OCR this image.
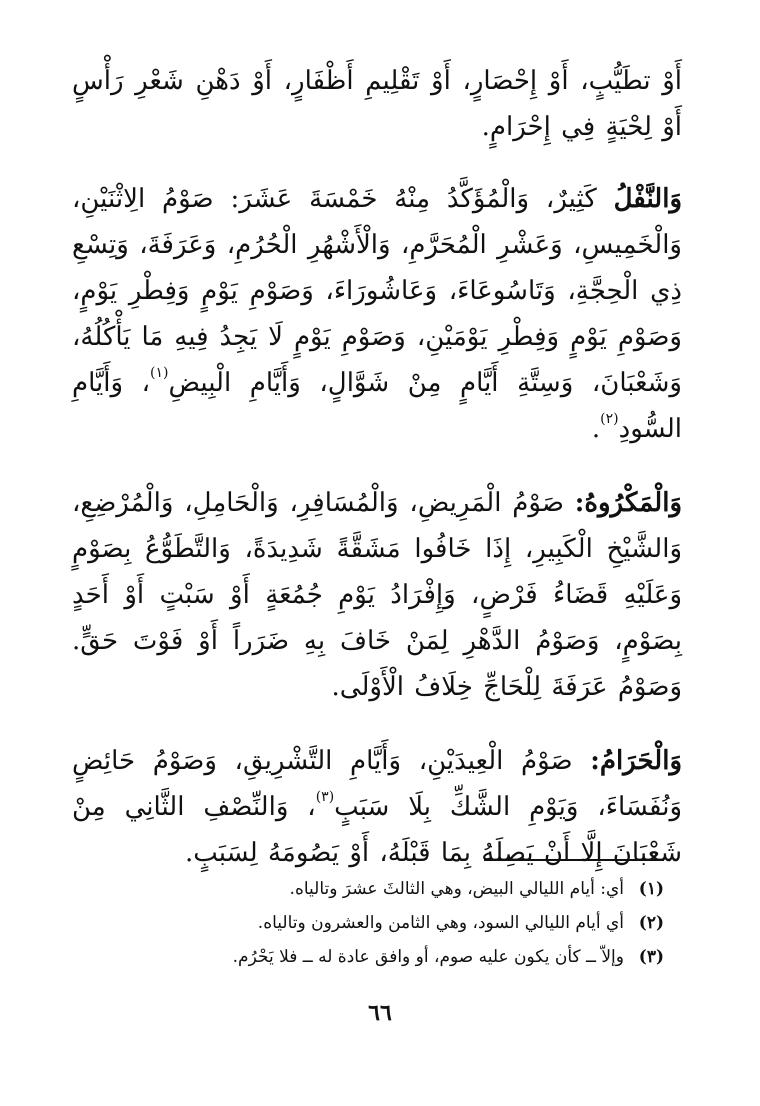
أَوْ تطَيُّبٍ، أَوْ إِحْصَارٍ، أَوْ تَقْلِيمِ أَظْفَارٍ، أَوْ دَهْنِ شَعْرِ رَأْسٍ أَوْ لِحْيَةٍ فِي إِحْرَامٍ.

وَالنَّفْلُ كَثِيرٌ، وَالْمُؤَكَّدُ مِنْهُ خَمْسَةَ عَشَرَ: صَوْمُ الِاثْنَيْنِ، وَالْخَمِيسِ، وَعَشْرِ الْمُحَرَّمِ، وَالْأَشْهُرِ الْحُرُمِ، وَعَرَفَةَ، وَتِسْعِ ذِي الْحِجَّةِ، وَتَاسُوعَاءَ، وَعَاشُورَاءَ، وَصَوْمِ يَوْمٍ وَفِطْرِ يَوْمٍ، وَصَوْمِ يَوْمٍ وَفِطْرِ يَوْمَيْنِ، وَصَوْمِ يَوْمٍ لَا يَجِدُ فِيهِ مَا يَأْكُلُهُ، وَشَعْبَانَ، وَسِتَّةِ أَيَّامٍ مِنْ شَوَّالٍ، وَأَيَّامِ الْبِيضِ$^{(١)}$، وَأَيَّامِ السُّودِ$^{(٢)}$.

وَالْمَكْرُوهُ: صَوْمُ الْمَرِيضِ، وَالْمُسَافِرِ، وَالْحَامِلِ، وَالْمُرْضِعِ، وَالشَّيْخِ الْكَبِيرِ، إِذَا خَافُوا مَشَقَّةً شَدِيدَةً، وَالتَّطَوُّعُ بِصَوْمٍ وَعَلَيْهِ قَضَاءُ فَرْضٍ، وَإِفْرَادُ يَوْمِ جُمُعَةٍ أَوْ سَبْتٍ أَوْ أَحَدٍ بِصَوْمٍ، وَصَوْمُ الدَّهْرِ لِمَنْ خَافَ بِهِ ضَرَراً أَوْ فَوْتَ حَقٍّ. وَصَوْمُ عَرَفَةَ لِلْحَاجِّ خِلَافُ الْأَوْلَى.

وَالْحَرَامُ: صَوْمُ الْعِيدَيْنِ، وَأَيَّامِ التَّشْرِيقِ، وَصَوْمُ حَائِضٍ وَنُفَسَاءَ، وَيَوْمِ الشَّكِّ بِلَا سَبَبٍ$^{(٣)}$، وَالنِّصْفِ الثَّانِي مِنْ شَعْبَانَ إِلَّا أَنْ يَصِلَهُ بِمَا قَبْلَهُ، أَوْ يَصُومَهُ لِسَبَبٍ.

(١)
أي: أيام الليالي البيض، وهي الثالثَ عشرَ وتالياه.
(٢)
أي أيام الليالي السود، وهي الثامن والعشرون وتالياه.
(٣)
وإلاّ ــ كأن يكون عليه صوم، أو وافق عادة له ــ فلا يَحْرُم.
٦٦
